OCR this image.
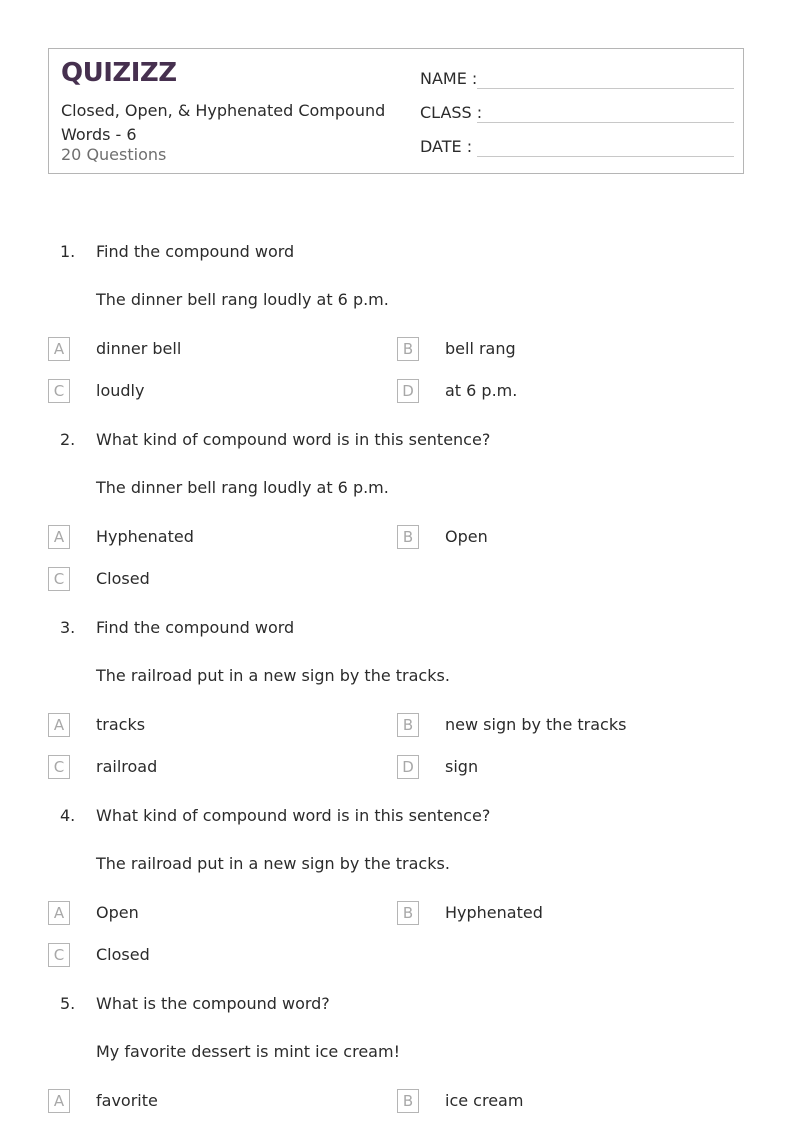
QUIZIZZ
Closed, Open, & Hyphenated Compound Words - 6
20 Questions
NAME :
CLASS :
DATE :
1. Find the compound word
The dinner bell rang loudly at 6 p.m.
A	dinner bell	B	bell rang
C	loudly	D	at 6 p.m.
2. What kind of compound word is in this sentence?
The dinner bell rang loudly at 6 p.m.
A	Hyphenated	B	Open
C	Closed
3. Find the compound word
The railroad put in a new sign by the tracks.
A	tracks	B	new sign by the tracks
C	railroad	D	sign
4. What kind of compound word is in this sentence?
The railroad put in a new sign by the tracks.
A	Open	B	Hyphenated
C	Closed
5. What is the compound word?
My favorite dessert is mint ice cream!
A	favorite	B	ice cream
